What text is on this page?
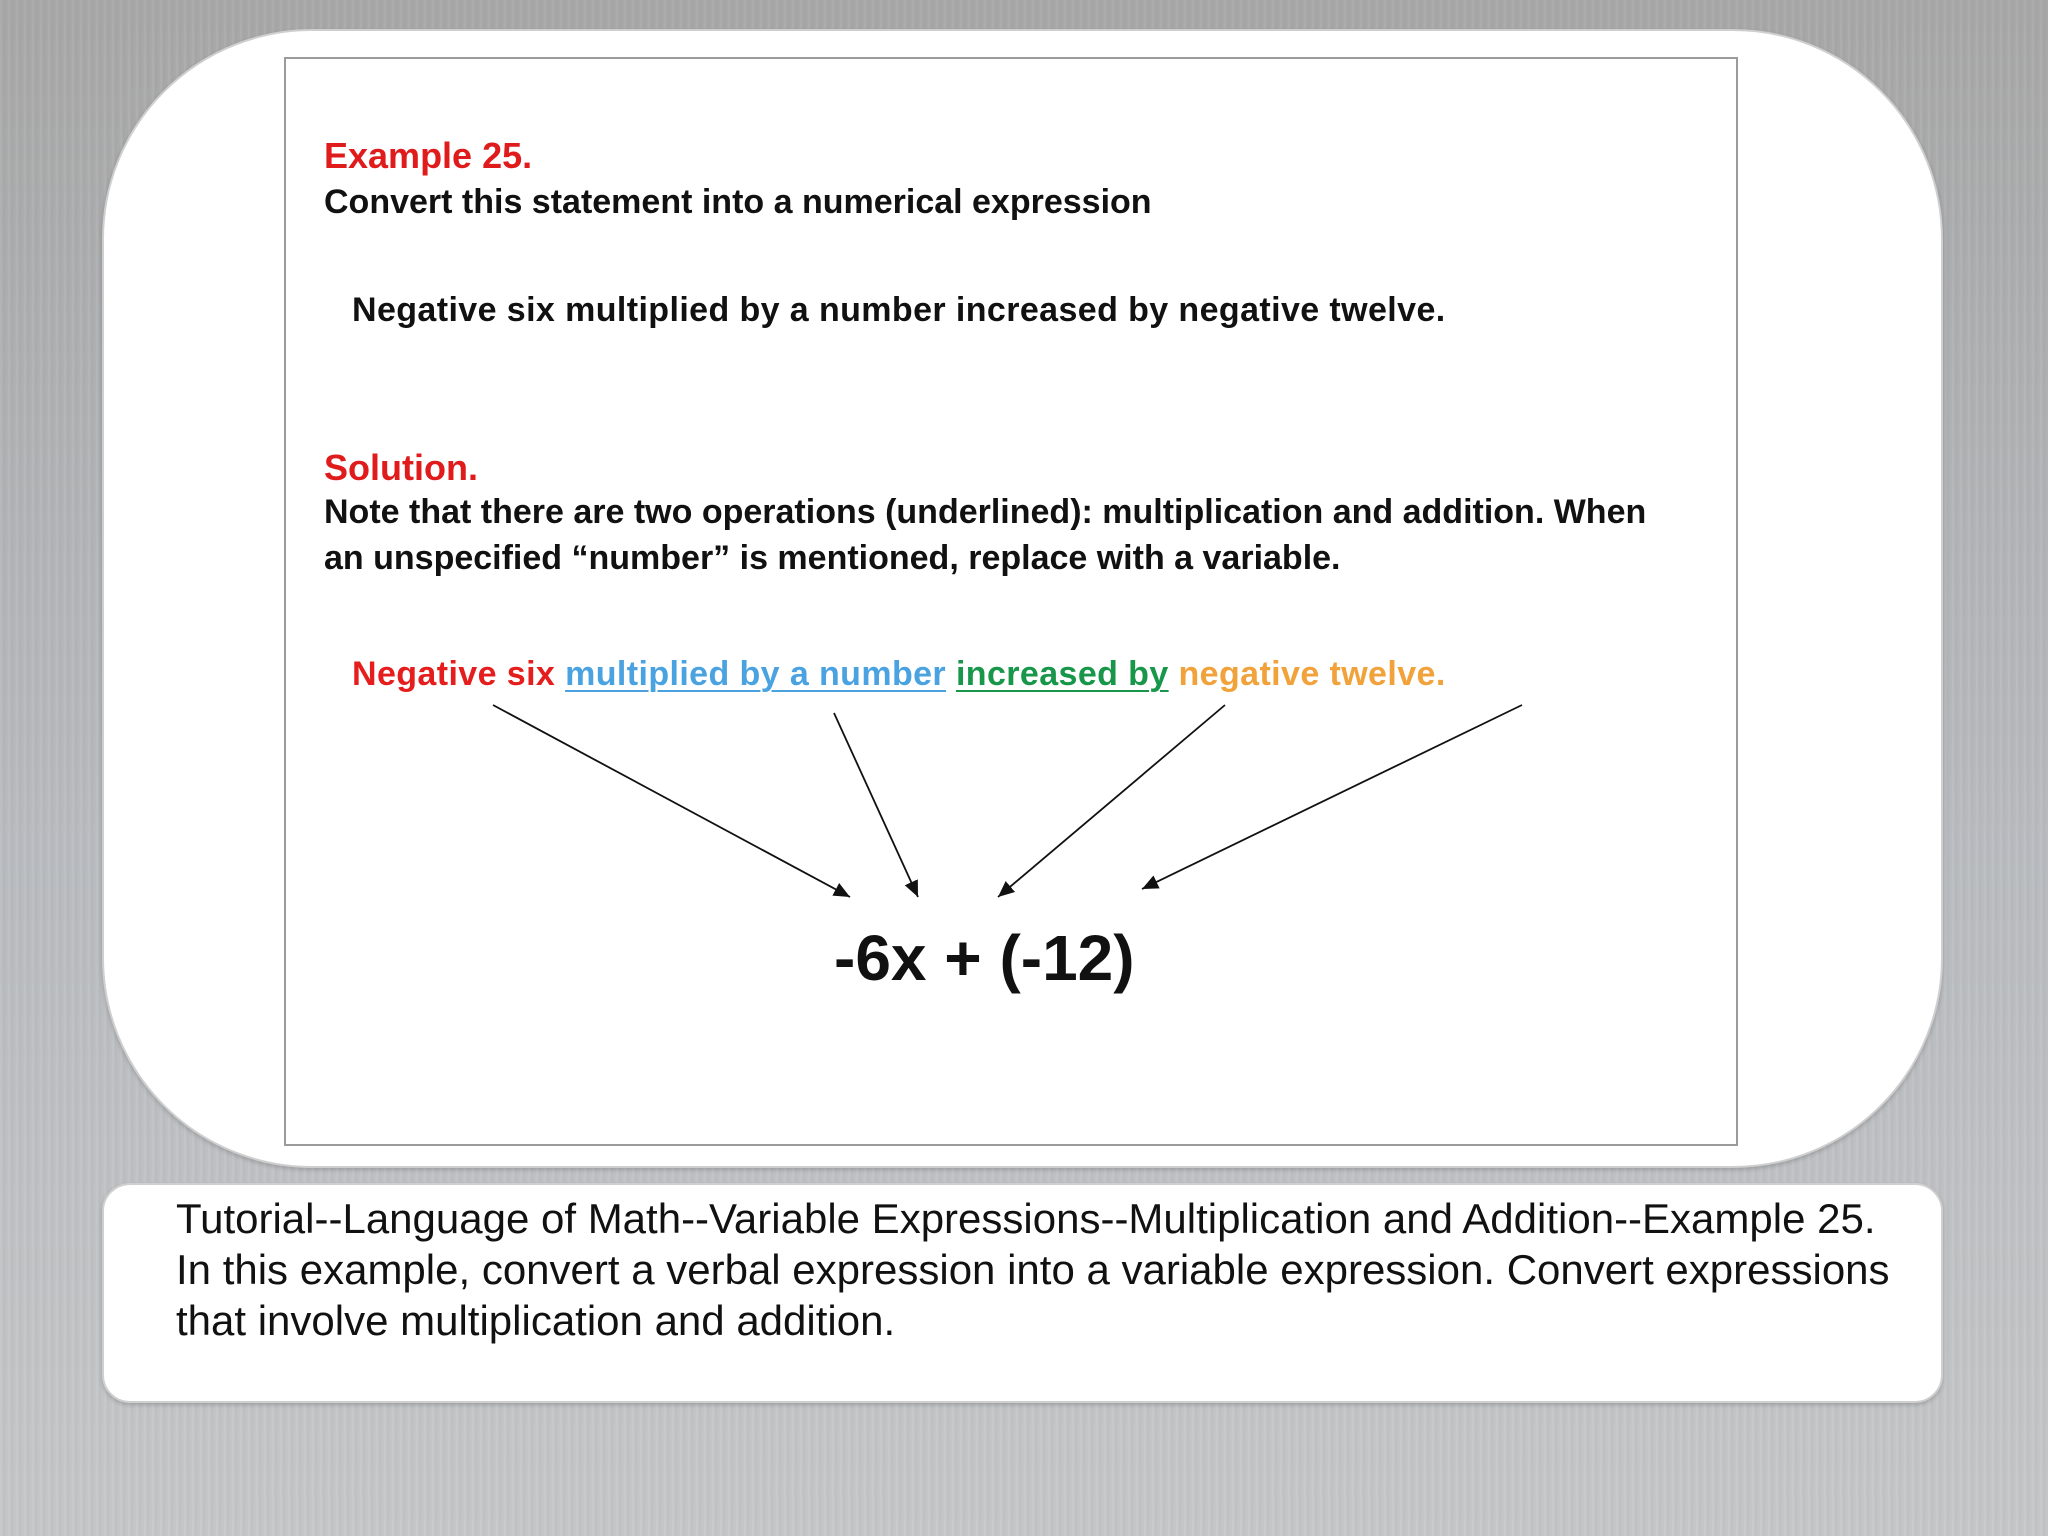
Example 25.

Convert this statement into a numerical expression

Negative six multiplied by a number increased by negative twelve.

Solution.

Note that there are two operations (underlined): multiplication and addition. When an unspecified “number” is mentioned, replace with a variable.

Negative six multiplied by a number increased by negative twelve.

-6x + (-12)

Tutorial--Language of Math--Variable Expressions--Multiplication and Addition--Example 25. In this example, convert a verbal expression into a variable expression. Convert expressions that involve multiplication and addition.
